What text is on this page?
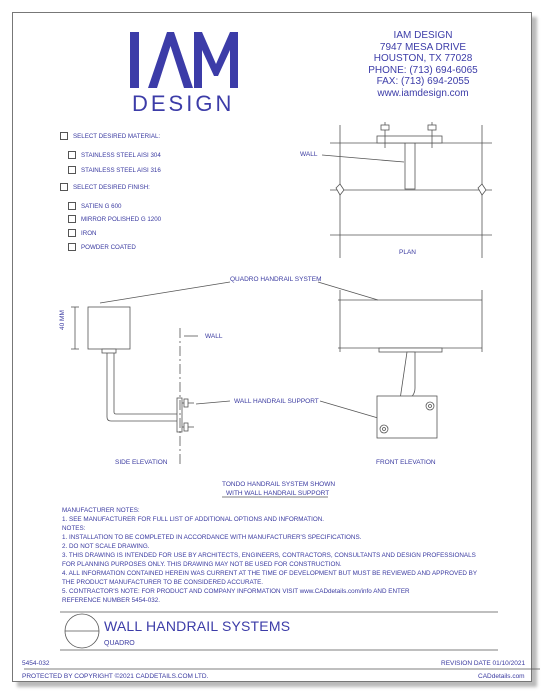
DESIGN
IAM DESIGN
7947 MESA DRIVE
HOUSTON, TX 77028
PHONE: (713) 694-6065
FAX: (713) 694-2055
www.iamdesign.com
SELECT DESIRED MATERIAL:
STAINLESS STEEL AISI 304
STAINLESS STEEL AISI 316
SELECT DESIRED FINISH:
SATIEN G 600
MIRROR POLISHED G 1200
IRON
POWDER COATED
WALL
PLAN
QUADRO HANDRAIL SYSTEM
40 MM
WALL
WALL HANDRAIL SUPPORT
SIDE ELEVATION	FRONT ELEVATION
TONDO HANDRAIL SYSTEM SHOWN
WITH WALL HANDRAIL SUPPORT
MANUFACTURER NOTES:
1. SEE MANUFACTURER FOR FULL LIST OF ADDITIONAL OPTIONS AND INFORMATION.
NOTES:
1. INSTALLATION TO BE COMPLETED IN ACCORDANCE WITH MANUFACTURER'S SPECIFICATIONS.
2. DO NOT SCALE DRAWING.
3. THIS DRAWING IS INTENDED FOR USE BY ARCHITECTS, ENGINEERS, CONTRACTORS, CONSULTANTS AND DESIGN PROFESSIONALS
FOR PLANNING PURPOSES ONLY. THIS DRAWING MAY NOT BE USED FOR CONSTRUCTION.
4. ALL INFORMATION CONTAINED HEREIN WAS CURRENT AT THE TIME OF DEVELOPMENT BUT MUST BE REVIEWED AND APPROVED BY
THE PRODUCT MANUFACTURER TO BE CONSIDERED ACCURATE.
5. CONTRACTOR'S NOTE: FOR PRODUCT AND COMPANY INFORMATION VISIT www.CADdetails.com/info AND ENTER
REFERENCE NUMBER 5454-032.
WALL HANDRAIL SYSTEMS
QUADRO
5454-032	REVISION DATE 01/10/2021
PROTECTED BY COPYRIGHT ©2021 CADDETAILS.COM LTD.	CADdetails.com
